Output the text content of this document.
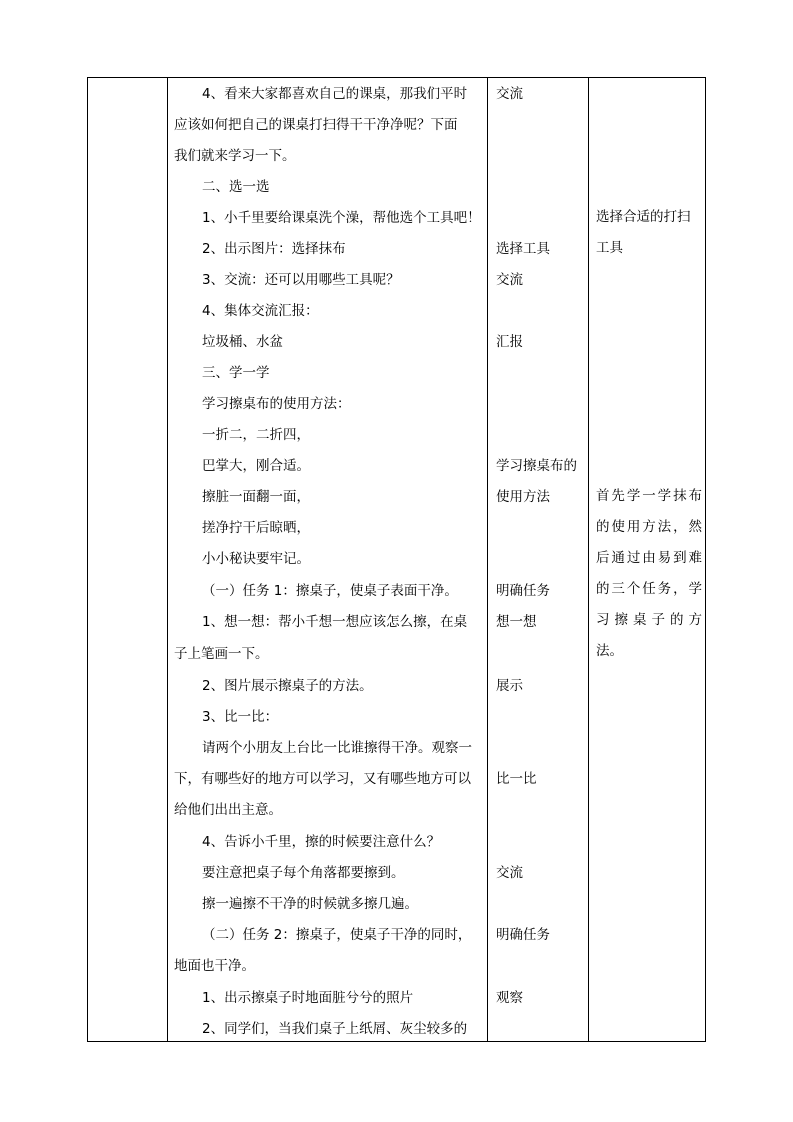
4、看来大家都喜欢自己的课桌，那我们平时
应该如何把自己的课桌打扫得干干净净呢？下面
我们就来学习一下。
二、选一选
1、小千里要给课桌洗个澡，帮他选个工具吧！
2、出示图片：选择抹布
3、交流：还可以用哪些工具呢？
4、集体交流汇报：
垃圾桶、水盆
三、学一学
学习擦桌布的使用方法：
一折二，二折四，
巴掌大，刚合适。
擦脏一面翻一面，
搓净拧干后晾晒，
小小秘诀要牢记。
（一）任务 1：擦桌子，使桌子表面干净。
1、想一想：帮小千想一想应该怎么擦，在桌
子上笔画一下。
2、图片展示擦桌子的方法。
3、比一比：
请两个小朋友上台比一比谁擦得干净。观察一
下，有哪些好的地方可以学习，又有哪些地方可以
给他们出出主意。
4、告诉小千里，擦的时候要注意什么？
要注意把桌子每个角落都要擦到。
擦一遍擦不干净的时候就多擦几遍。
（二）任务 2：擦桌子，使桌子干净的同时，
地面也干净。
1、出示擦桌子时地面脏兮兮的照片
2、同学们，当我们桌子上纸屑、灰尘较多的
交流
选择工具
交流
汇报
学习擦桌布的
使用方法
明确任务
想一想
展示
比一比
交流
明确任务
观察
选择合适的打扫工具
首先学一学抹布的使用方法，然后通过由易到难的三个任务，学习擦桌子的方法。
